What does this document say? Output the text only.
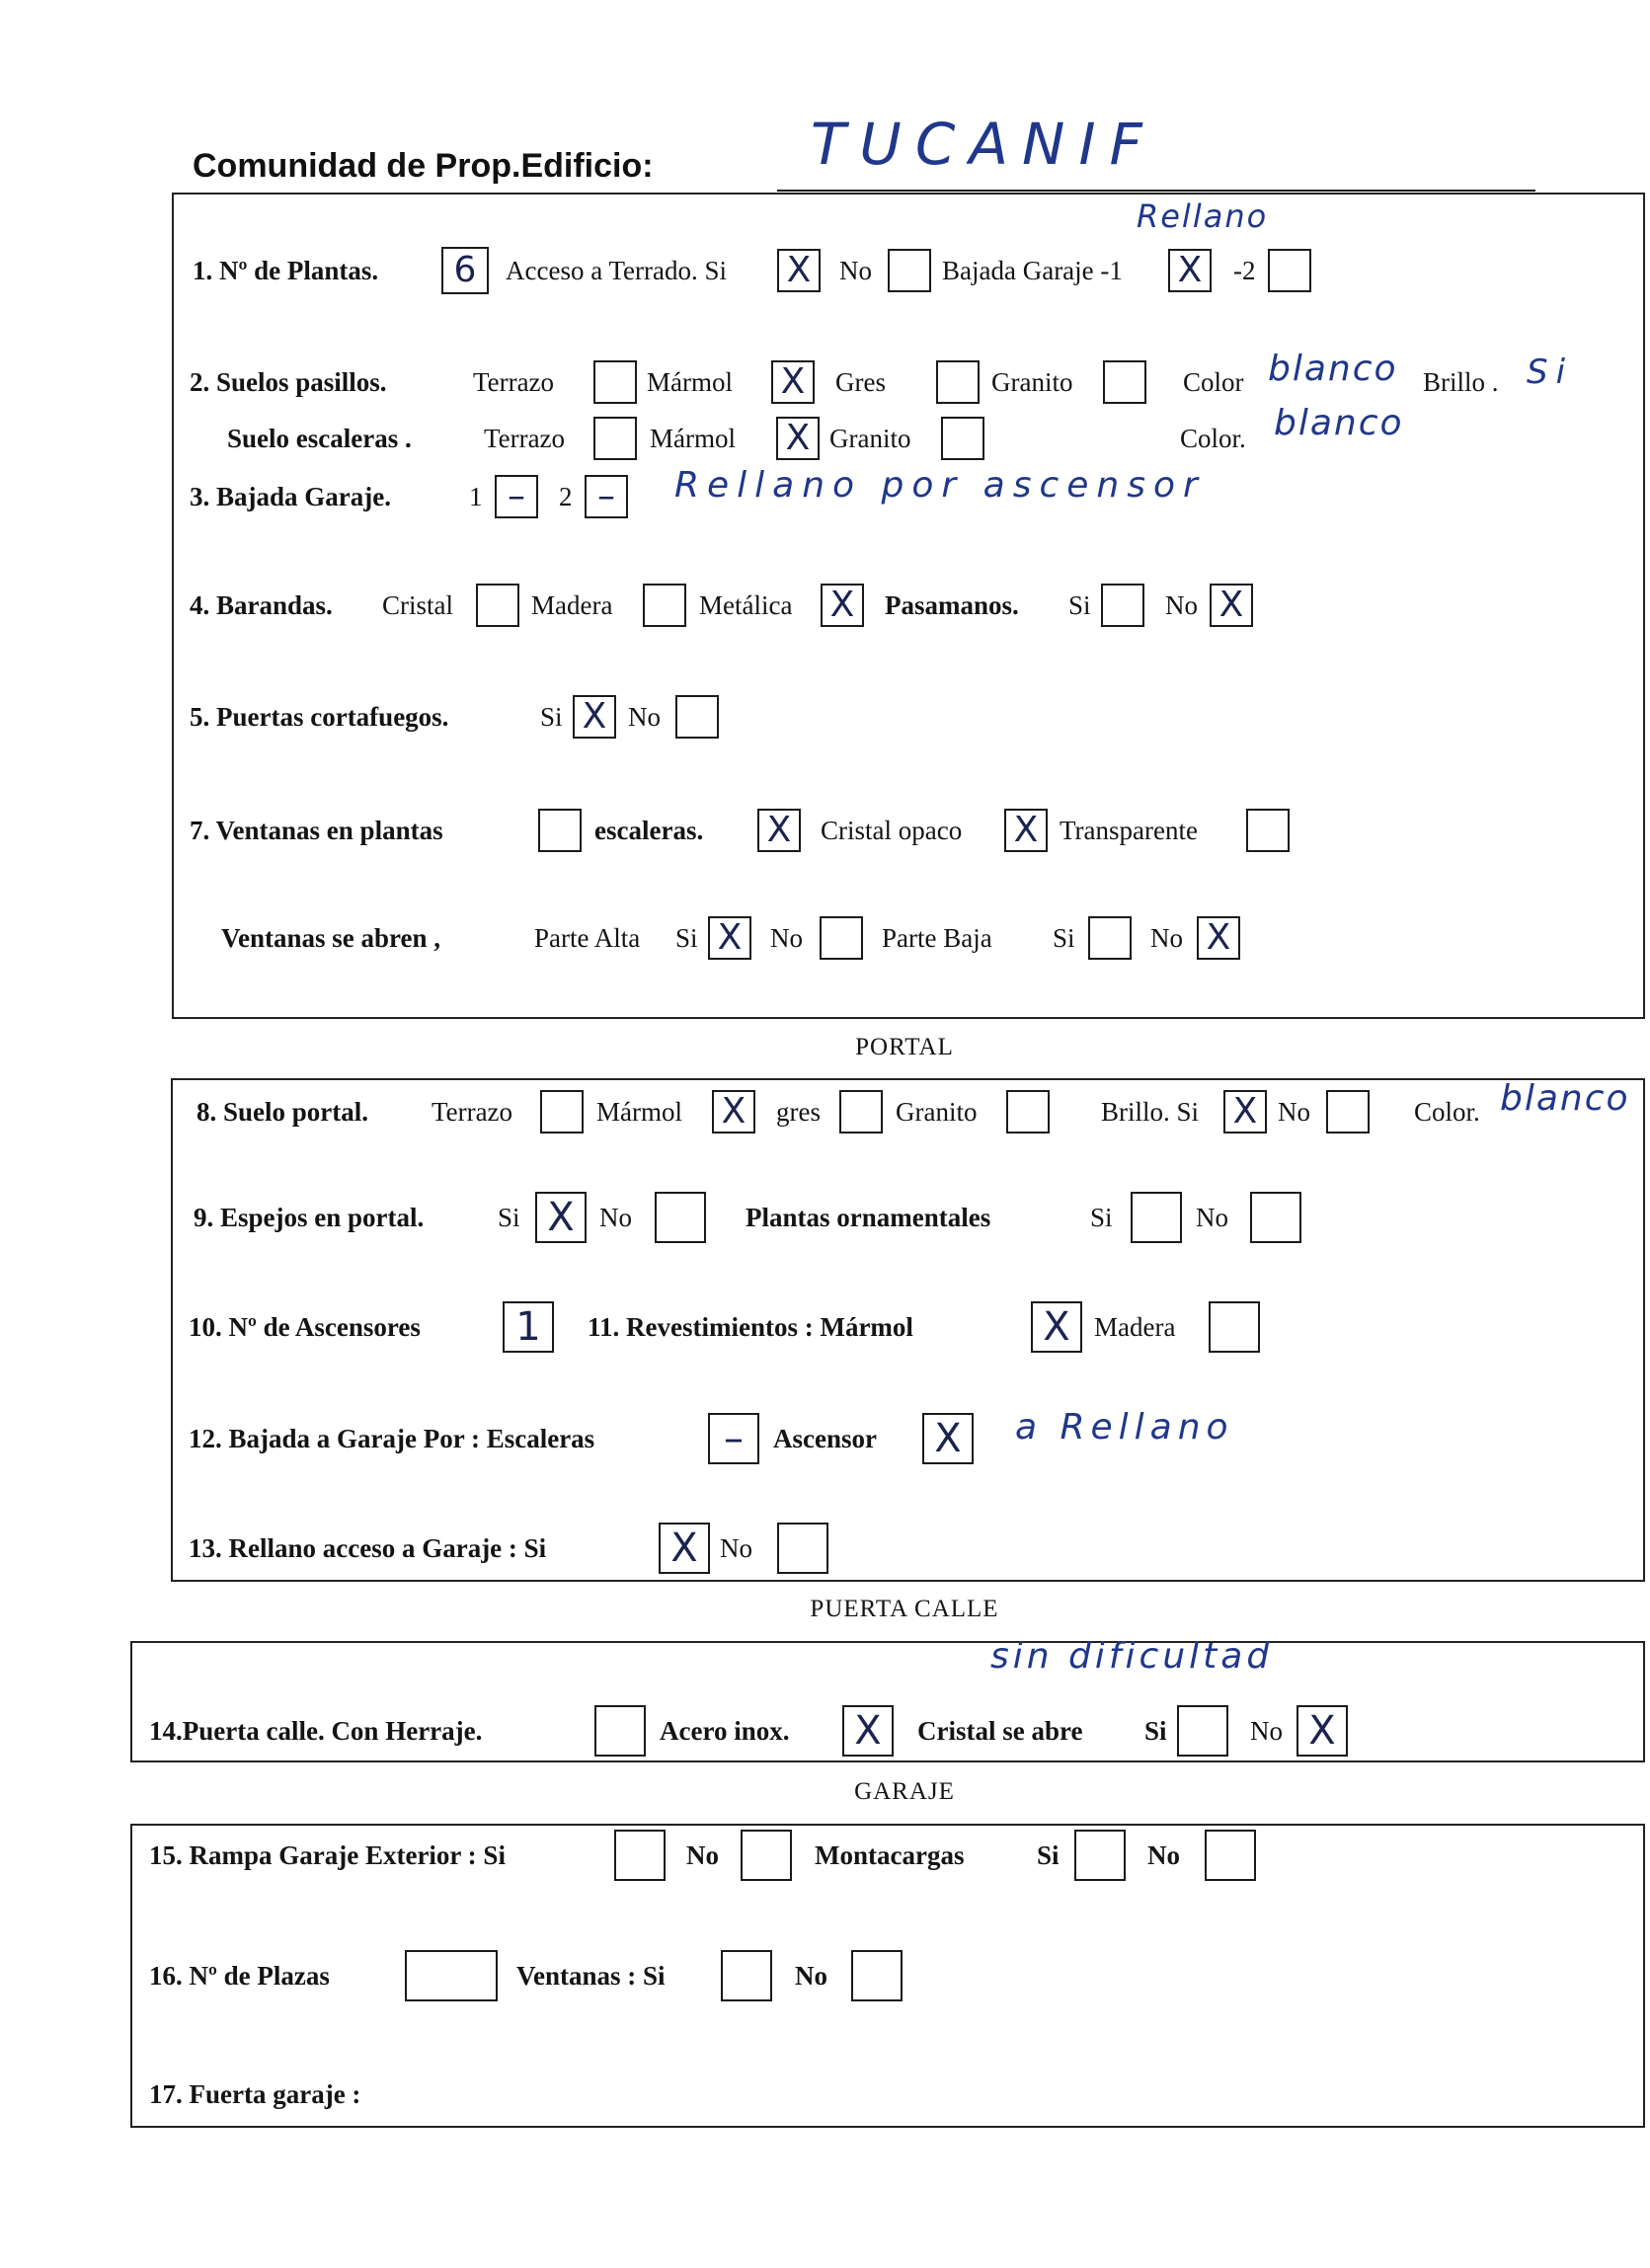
Comunidad de Prop.Edificio:	TUCANIF
Rellano
1. Nº de Plantas.	6	Acceso a Terrado. Si X	No	Bajada Garaje -1 X	-2
2. Suelos pasillos.	Terrazo	Mármol X	Gres	Granito	Color blanco Brillo . Si
Suelo escaleras .	Terrazo	Mármol X Granito	Color. blanco
3. Bajada Garaje.	1 –	2 –	Rellano por ascensor
4. Barandas. Cristal	Madera	Metálica X	Pasamanos. Si	No X
5. Puertas cortafuegos.	Si X No
7. Ventanas en plantas	escaleras. X	Cristal opaco X Transparente
Ventanas se abren ,	Parte Alta Si X	No	Parte Baja Si	No X
PORTAL
8. Suelo portal. Terrazo	Mármol X	gres	Granito	Brillo. Si X No	Color. blanco
9. Espejos en portal.	Si X No	Plantas ornamentales	Si	No
10. Nº de Ascensores	1	11. Revestimientos : Mármol	X Madera
12. Bajada a Garaje Por : Escaleras	–	Ascensor	X	a Rellano
13. Rellano acceso a Garaje : Si	X No
PUERTA CALLE
sin dificultad
14.Puerta calle. Con Herraje.	Acero inox.	X	Cristal se abre Si	No X
GARAJE
15. Rampa Garaje Exterior : Si	No	Montacargas	Si	No
16. Nº de Plazas	Ventanas : Si	No
17. Fuerta garaje :
